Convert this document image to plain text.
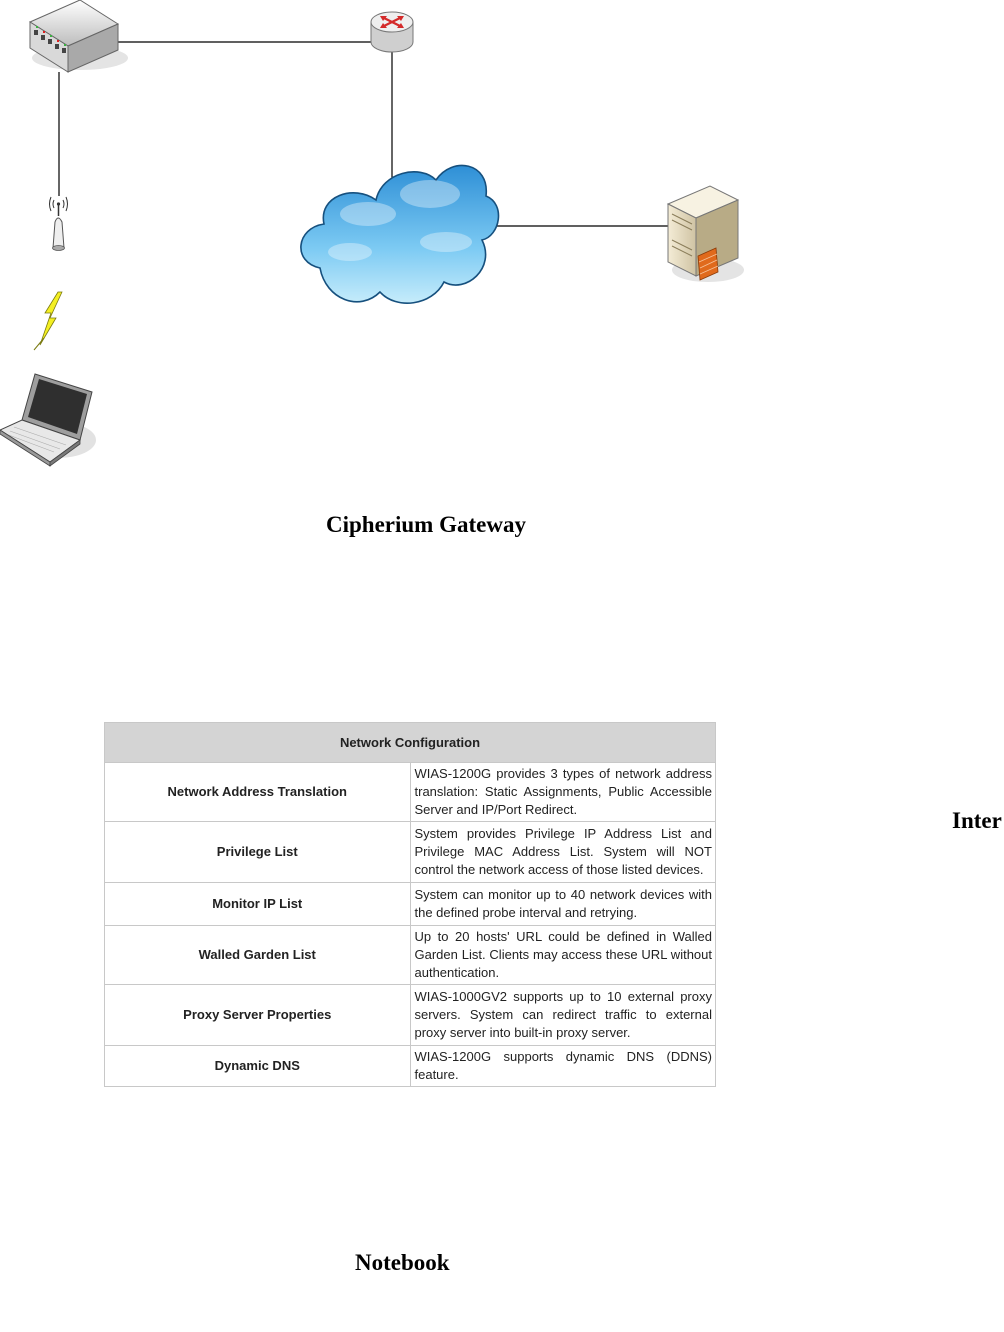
Cipherium Gateway
Inter
Notebook
Network Configuration	
Network Address Translation	WIAS-1200G provides 3 types of network address translation: Static Assignments, Public Accessible Server and IP/Port Redirect.
Privilege List	System provides Privilege IP Address List and Privilege MAC Address List. System will NOT control the network access of those listed devices.
Monitor IP List	System can monitor up to 40 network devices with the defined probe interval and retrying.
Walled Garden List	Up to 20 hosts' URL could be defined in Walled Garden List. Clients may access these URL without authentication.
Proxy Server Properties	WIAS-1000GV2 supports up to 10 external proxy servers. System can redirect traffic to external proxy server into built-in proxy server.
Dynamic DNS	WIAS-1200G supports dynamic DNS (DDNS) feature.
